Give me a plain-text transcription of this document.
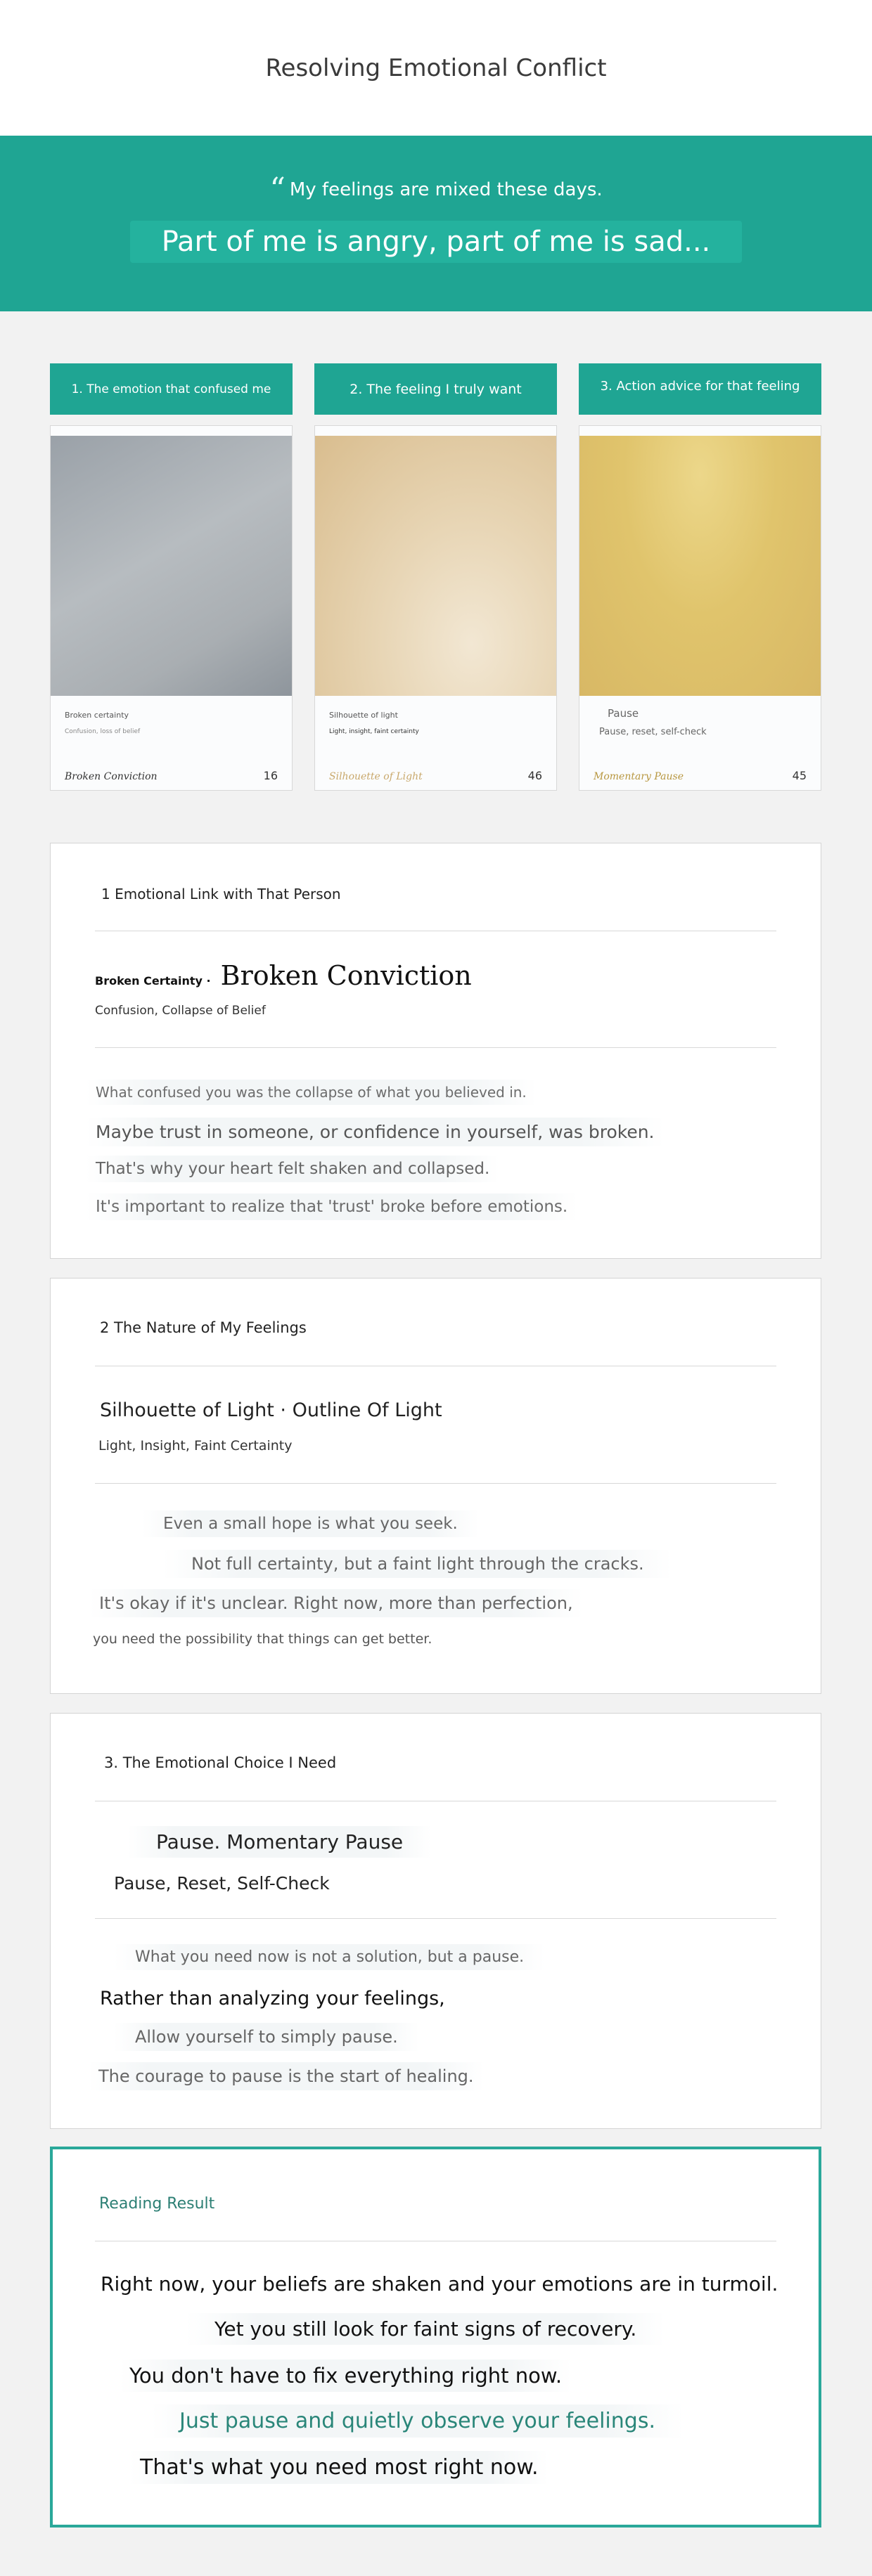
Resolving Emotional Conflict
“ My feelings are mixed these days.
Part of me is angry, part of me is sad...
1. The emotion that confused me
Broken certainty
Confusion, loss of belief
Broken Conviction	16
2. The feeling I truly want
Silhouette of light
Light, insight, faint certainty
Silhouette of Light	46
3. Action advice for that feeling
Pause
Pause, reset, self-check
Momentary Pause	45
1 Emotional Link with That Person
Broken Certainty · Broken Conviction
Confusion, Collapse of Belief
What confused you was the collapse of what you believed in.
Maybe trust in someone, or confidence in yourself, was broken.
That's why your heart felt shaken and collapsed.
It's important to realize that 'trust' broke before emotions.
2 The Nature of My Feelings
Silhouette of Light · Outline Of Light
Light, Insight, Faint Certainty
Even a small hope is what you seek.
Not full certainty, but a faint light through the cracks.
It's okay if it's unclear. Right now, more than perfection,
you need the possibility that things can get better.
3. The Emotional Choice I Need
Pause. Momentary Pause
Pause, Reset, Self-Check
What you need now is not a solution, but a pause.
Rather than analyzing your feelings,
Allow yourself to simply pause.
The courage to pause is the start of healing.
Reading Result
Right now, your beliefs are shaken and your emotions are in turmoil.
Yet you still look for faint signs of recovery.
You don't have to fix everything right now.
Just pause and quietly observe your feelings.
That's what you need most right now.
